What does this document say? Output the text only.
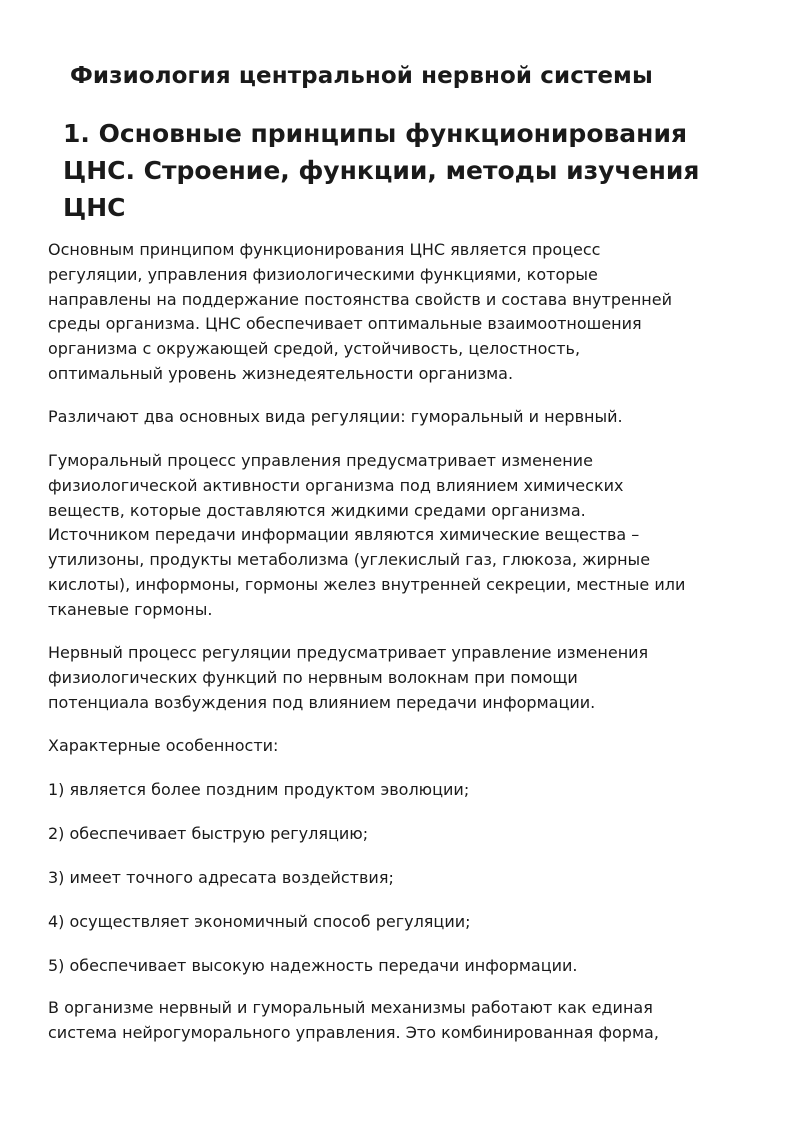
Физиология центральной нервной системы
1. Основные принципы функционирования ЦНС. Строение, функции, методы изучения ЦНС

Основным принципом функционирования ЦНС является процесс
регуляции, управления физиологическими функциями, которые
направлены на поддержание постоянства свойств и состава внутренней
среды организма. ЦНС обеспечивает оптимальные взаимоотношения
организма с окружающей средой, устойчивость, целостность,
оптимальный уровень жизнедеятельности организма.

Различают два основных вида регуляции: гуморальный и нервный.

Гуморальный процесс управления предусматривает изменение
физиологической активности организма под влиянием химических
веществ, которые доставляются жидкими средами организма.
Источником передачи информации являются химические вещества –
утилизоны, продукты метаболизма (углекислый газ, глюкоза, жирные
кислоты), информоны, гормоны желез внутренней секреции, местные или
тканевые гормоны.

Нервный процесс регуляции предусматривает управление изменения
физиологических функций по нервным волокнам при помощи
потенциала возбуждения под влиянием передачи информации.

Характерные особенности:

1) является более поздним продуктом эволюции;

2) обеспечивает быструю регуляцию;

3) имеет точного адресата воздействия;

4) осуществляет экономичный способ регуляции;

5) обеспечивает высокую надежность передачи информации.

В организме нервный и гуморальный механизмы работают как единая
система нейрогуморального управления. Это комбинированная форма,
